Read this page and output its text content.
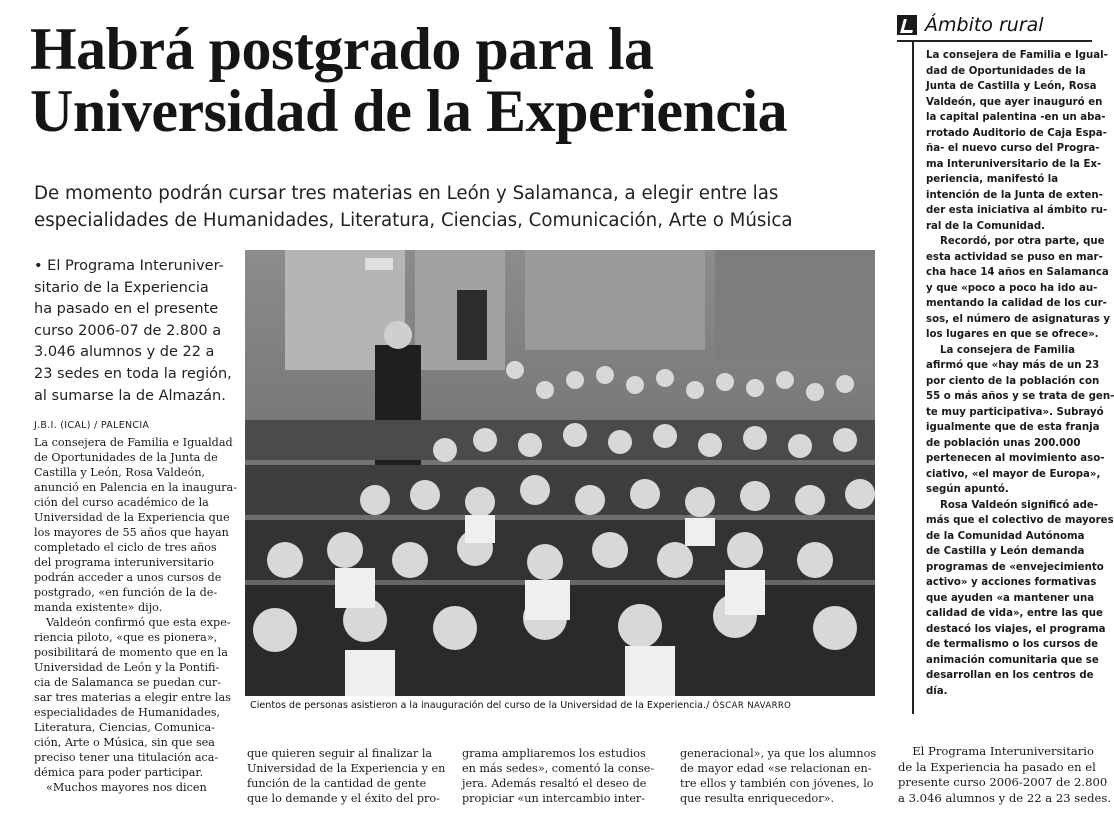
Habrá postgrado para la
Universidad de la Experiencia
De momento podrán cursar tres materias en León y Salamanca, a elegir entre las
especialidades de Humanidades, Literatura, Ciencias, Comunicación, Arte o Música
• El Programa Interuniver-
sitario de la Experiencia
ha pasado en el presente
curso 2006-07 de 2.800 a
3.046 alumnos y de 22 a
23 sedes en toda la región,
al sumarse la de Almazán.
J.B.I. (ICAL) / PALENCIA
La consejera de Familia e Igualdad
de Oportunidades de la Junta de
Castilla y León, Rosa Valdeón,
anunció en Palencia en la inaugura-
ción del curso académico de la
Universidad de la Experiencia que
los mayores de 55 años que hayan
completado el ciclo de tres años
del programa interuniversitario
podrán acceder a unos cursos de
postgrado, «en función de la de-
manda existente» dijo.
Valdeón confirmó que esta expe-
riencia piloto, «que es pionera»,
posibilitará de momento que en la
Universidad de León y la Pontifi-
cia de Salamanca se puedan cur-
sar tres materias a elegir entre las
especialidades de Humanidades,
Literatura, Ciencias, Comunica-
ción, Arte o Música, sin que sea
preciso tener una titulación aca-
démica para poder participar.
«Muchos mayores nos dicen
Cientos de personas asistieron a la inauguración del curso de la Universidad de la Experiencia./ ÓSCAR NAVARRO
que quieren seguir al finalizar la
Universidad de la Experiencia y en
función de la cantidad de gente
que lo demande y el éxito del pro-
grama ampliaremos los estudios
en más sedes», comentó la conse-
jera. Además resaltó el deseo de
propiciar «un intercambio inter-
generacional», ya que los alumnos
de mayor edad «se relacionan en-
tre ellos y también con jóvenes, lo
que resulta enriquecedor».
Ámbito rural
La consejera de Familia e Igual-
dad de Oportunidades de la
Junta de Castilla y León, Rosa
Valdeón, que ayer inauguró en
la capital palentina -en un aba-
rrotado Auditorio de Caja Espa-
ña- el nuevo curso del Progra-
ma Interuniversitario de la Ex-
periencia, manifestó la
intención de la Junta de exten-
der esta iniciativa al ámbito ru-
ral de la Comunidad.
Recordó, por otra parte, que
esta actividad se puso en mar-
cha hace 14 años en Salamanca
y que «poco a poco ha ido au-
mentando la calidad de los cur-
sos, el número de asignaturas y
los lugares en que se ofrece».
La consejera de Familia
afirmó que «hay más de un 23
por ciento de la población con
55 o más años y se trata de gen-
te muy participativa». Subrayó
igualmente que de esta franja
de población unas 200.000
pertenecen al movimiento aso-
ciativo, «el mayor de Europa»,
según apuntó.
Rosa Valdeón significó ade-
más que el colectivo de mayores
de la Comunidad Autónoma
de Castilla y León demanda
programas de «envejecimiento
activo» y acciones formativas
que ayuden «a mantener una
calidad de vida», entre las que
destacó los viajes, el programa
de termalismo o los cursos de
animación comunitaria que se
desarrollan en los centros de
día.
El Programa Interuniversitario
de la Experiencia ha pasado en el
presente curso 2006-2007 de 2.800
a 3.046 alumnos y de 22 a 23 sedes.
